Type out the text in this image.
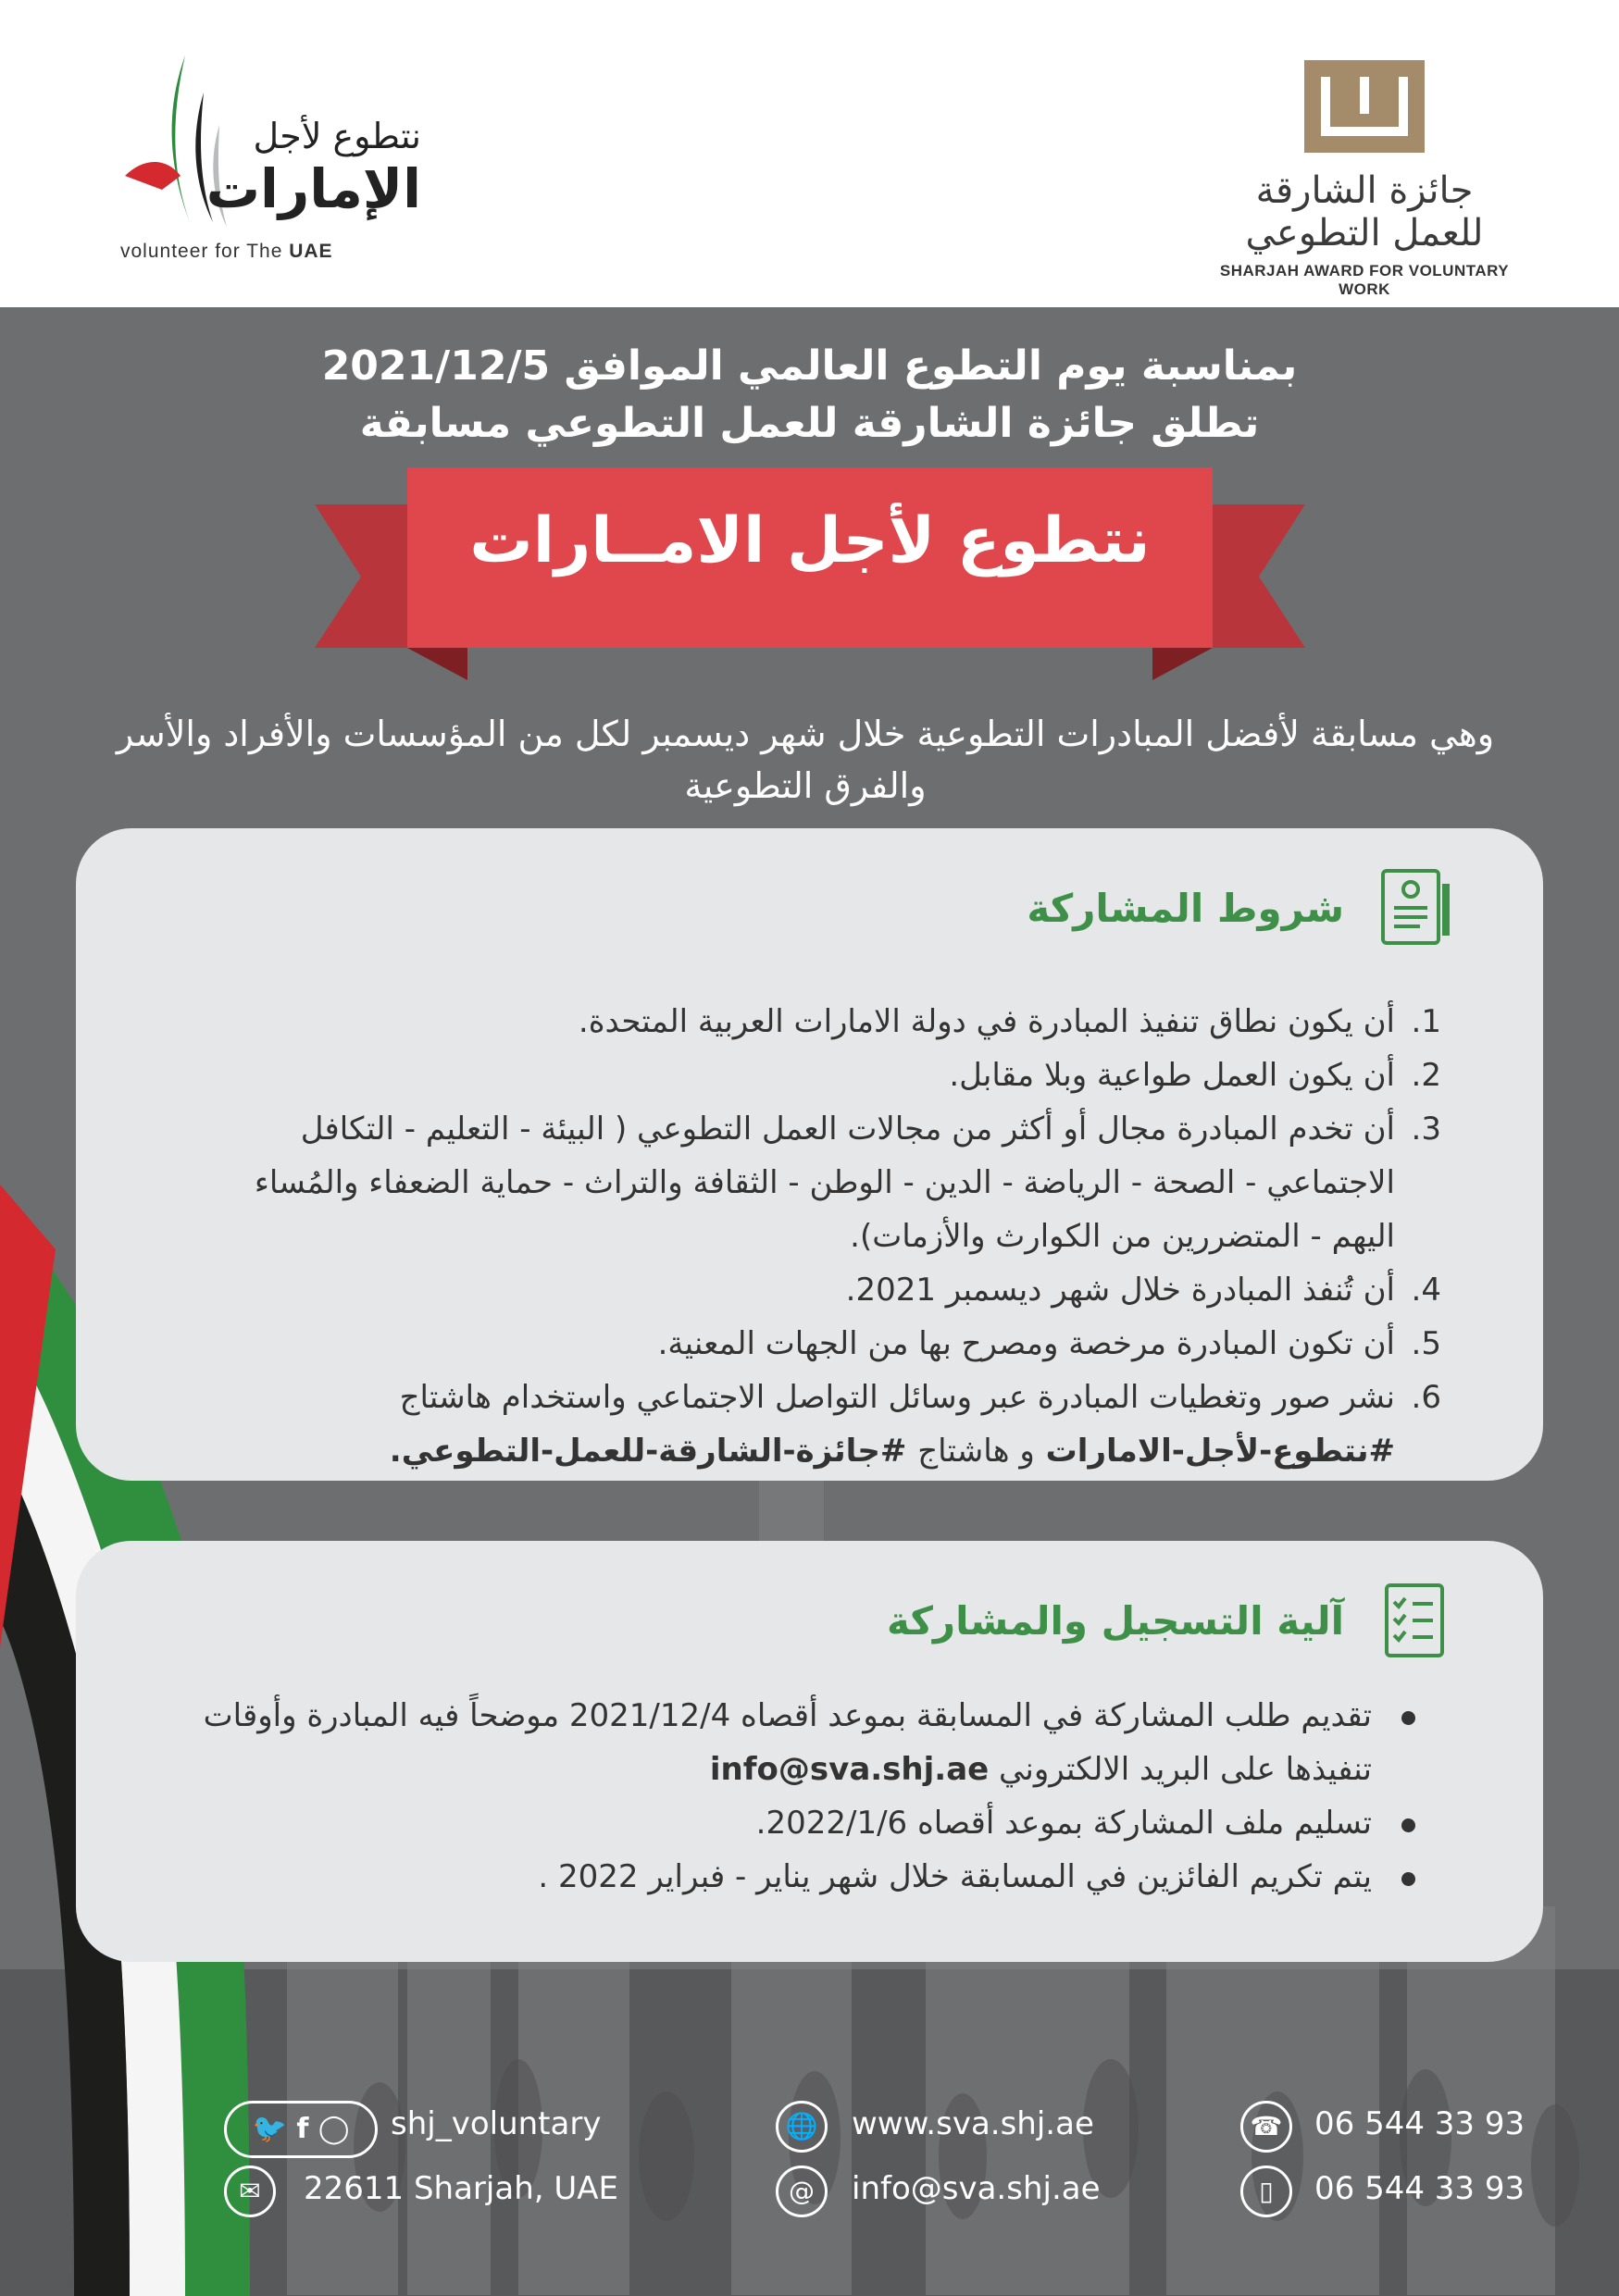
جائزة الشارقة للعمل التطوعي
SHARJAH AWARD FOR VOLUNTARY WORK
نتطوع لأجل
الإمارات
volunteer for The UAE
بمناسبة يوم التطوع العالمي الموافق 2021/12/5
تطلق جائزة الشارقة للعمل التطوعي مسابقة
نتطوع لأجل الامــارات
وهي مسابقة لأفضل المبادرات التطوعية خلال شهر ديسمبر لكل من المؤسسات والأفراد والأسر والفرق التطوعية
شروط المشاركة
1.
أن يكون نطاق تنفيذ المبادرة في دولة الامارات العربية المتحدة.
2.
أن يكون العمل طواعية وبلا مقابل.
3.
أن تخدم المبادرة مجال أو أكثر من مجالات العمل التطوعي ( البيئة - التعليم - التكافل الاجتماعي - الصحة - الرياضة - الدين - الوطن - الثقافة والتراث - حماية الضعفاء والمُساء اليهم - المتضررين من الكوارث والأزمات).
4.
أن تُنفذ المبادرة خلال شهر ديسمبر 2021.
5.
أن تكون المبادرة مرخصة ومصرح بها من الجهات المعنية.
6.
نشر صور وتغطيات المبادرة عبر وسائل التواصل الاجتماعي واستخدام هاشتاج
#نتطوع-لأجل-الامارات و هاشتاج #جائزة-الشارقة-للعمل-التطوعي.
آلية التسجيل والمشاركة
تقديم طلب المشاركة في المسابقة بموعد أقصاه 2021/12/4 موضحاً فيه المبادرة وأوقات تنفيذها على البريد الالكتروني info@sva.shj.ae
تسليم ملف المشاركة بموعد أقصاه 2022/1/6.
يتم تكريم الفائزين في المسابقة خلال شهر يناير - فبراير 2022 .
🐦 f ◯	shj_voluntary
✉	22611 Sharjah, UAE
🌐	www.sva.shj.ae
@	info@sva.shj.ae
☎	06 544 33 93
▯	06 544 33 93
